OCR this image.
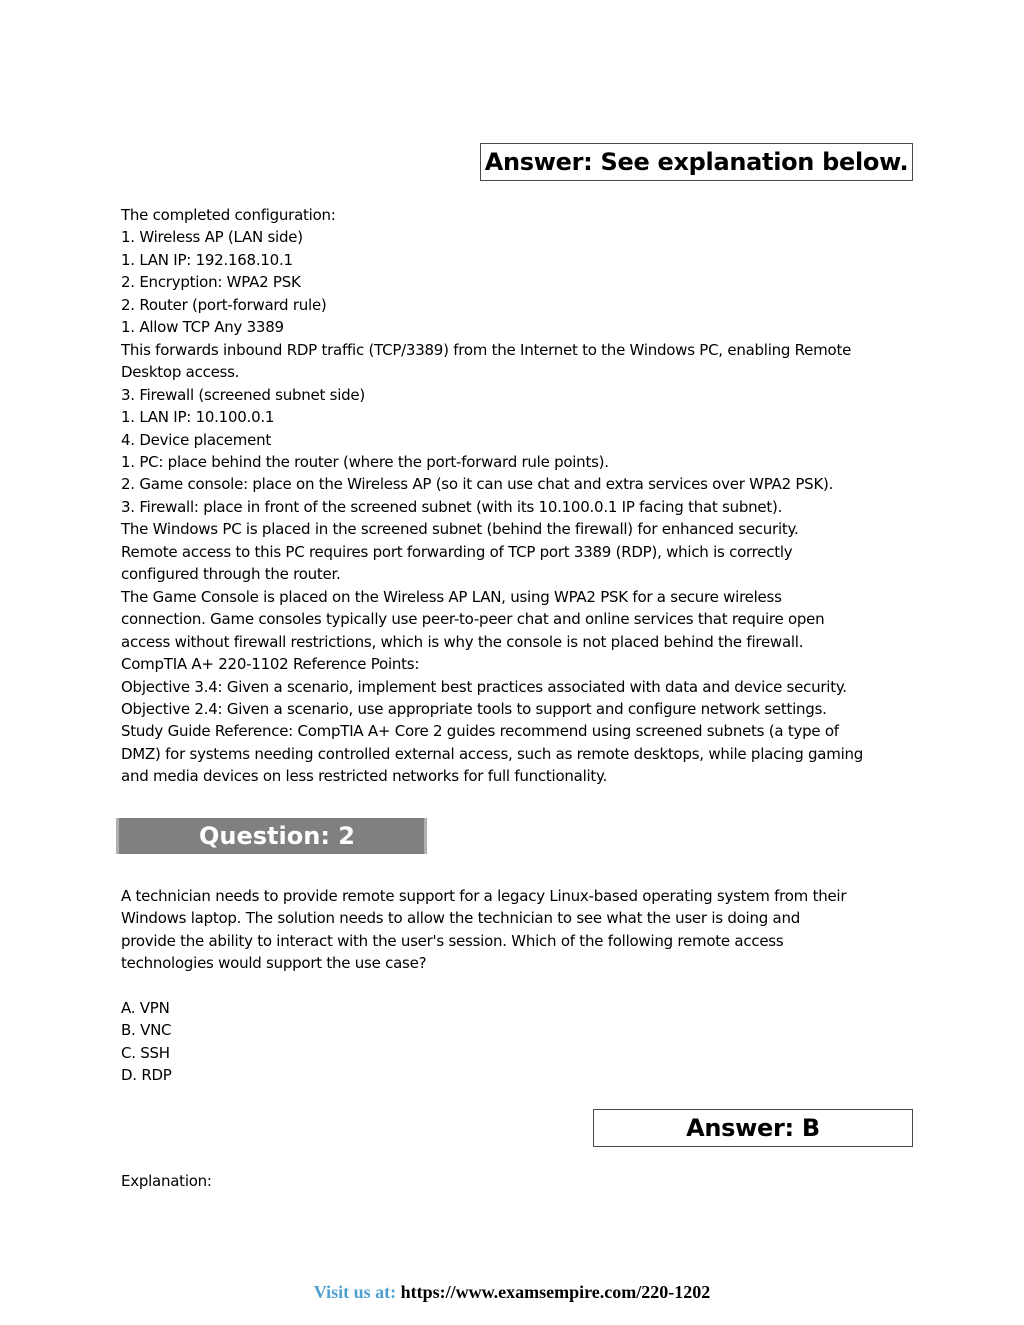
Answer: See explanation below.
The completed configuration:
1. Wireless AP (LAN side)
1. LAN IP: 192.168.10.1
2. Encryption: WPA2 PSK
2. Router (port-forward rule)
1. Allow TCP Any 3389
This forwards inbound RDP traffic (TCP/3389) from the Internet to the Windows PC, enabling Remote
Desktop access.
3. Firewall (screened subnet side)
1. LAN IP: 10.100.0.1
4. Device placement
1. PC: place behind the router (where the port-forward rule points).
2. Game console: place on the Wireless AP (so it can use chat and extra services over WPA2 PSK).
3. Firewall: place in front of the screened subnet (with its 10.100.0.1 IP facing that subnet).
The Windows PC is placed in the screened subnet (behind the firewall) for enhanced security.
Remote access to this PC requires port forwarding of TCP port 3389 (RDP), which is correctly
configured through the router.
The Game Console is placed on the Wireless AP LAN, using WPA2 PSK for a secure wireless
connection. Game consoles typically use peer-to-peer chat and online services that require open
access without firewall restrictions, which is why the console is not placed behind the firewall.
CompTIA A+ 220-1102 Reference Points:
Objective 3.4: Given a scenario, implement best practices associated with data and device security.
Objective 2.4: Given a scenario, use appropriate tools to support and configure network settings.
Study Guide Reference: CompTIA A+ Core 2 guides recommend using screened subnets (a type of
DMZ) for systems needing controlled external access, such as remote desktops, while placing gaming
and media devices on less restricted networks for full functionality.
Question: 2
A technician needs to provide remote support for a legacy Linux-based operating system from their
Windows laptop. The solution needs to allow the technician to see what the user is doing and
provide the ability to interact with the user's session. Which of the following remote access
technologies would support the use case?
A. VPN
B. VNC
C. SSH
D. RDP
Answer: B
Explanation:
Visit us at: https://www.examsempire.com/220-1202
